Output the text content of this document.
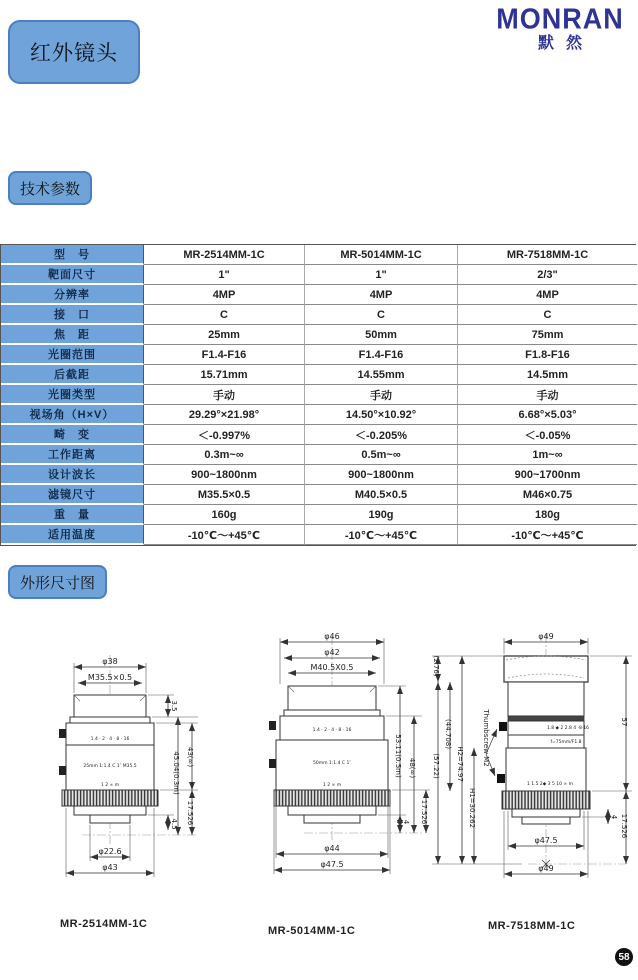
红外镜头
MONRAN
默然
技术参数
外形尺寸图
型　号	MR-2514MM-1C	MR-5014MM-1C	MR-7518MM-1C
靶面尺寸	1"	1"	2/3"
分辨率	4MP	4MP	4MP
接　口	C	C	C
焦　距	25mm	50mm	75mm
光圈范围	F1.4-F16	F1.4-F16	F1.8-F16
后截距	15.71mm	14.55mm	14.5mm
光圈类型	手动	手动	手动
视场角（H×V）	29.29°×21.98°	14.50°×10.92°	6.68°×5.03°
畸　变	＜-0.997%	＜-0.205%	＜-0.05%
工作距离	0.3m~∞	0.5m~∞	1m~∞
设计波长	900~1800nm	900~1800nm	900~1700nm
滤镜尺寸	M35.5×0.5	M40.5×0.5	M46×0.75
重　量	160g	190g	180g
适用温度	-10℃～+45℃	-10℃～+45℃	-10℃～+45℃
1.4 · 2 · 4 · 8 · 16
25mm 1:1.4 C 1″ M35.5
1 2 ∞ m
φ38
M35.5×0.5
3.5
45.04(0.3m) 43(∞)
17.526
4.5
φ22.6
φ43
1.4 · 2 · 4 · 8 · 16
50mm 1:1.4 C 1″
1 2 ∞ m
φ46
φ42
M40.5X0.5
53.11(0.5m) 48(∞)
17.526
4
φ44
φ47.5
1.8 ◆ 2 2.8 4 ·8·16
f=75mm/F1.8
1 1.5 2◆ 3 5 10 ∞ m
Thumbscrew M2
φ49
(2.76)
(57.22)
(44.708)
H2=74.97
H1=30.262
57
17.526
4
φ47.5
φ49
MR-2514MM-1C
MR-5014MM-1C	MR-7518MM-1C
58
